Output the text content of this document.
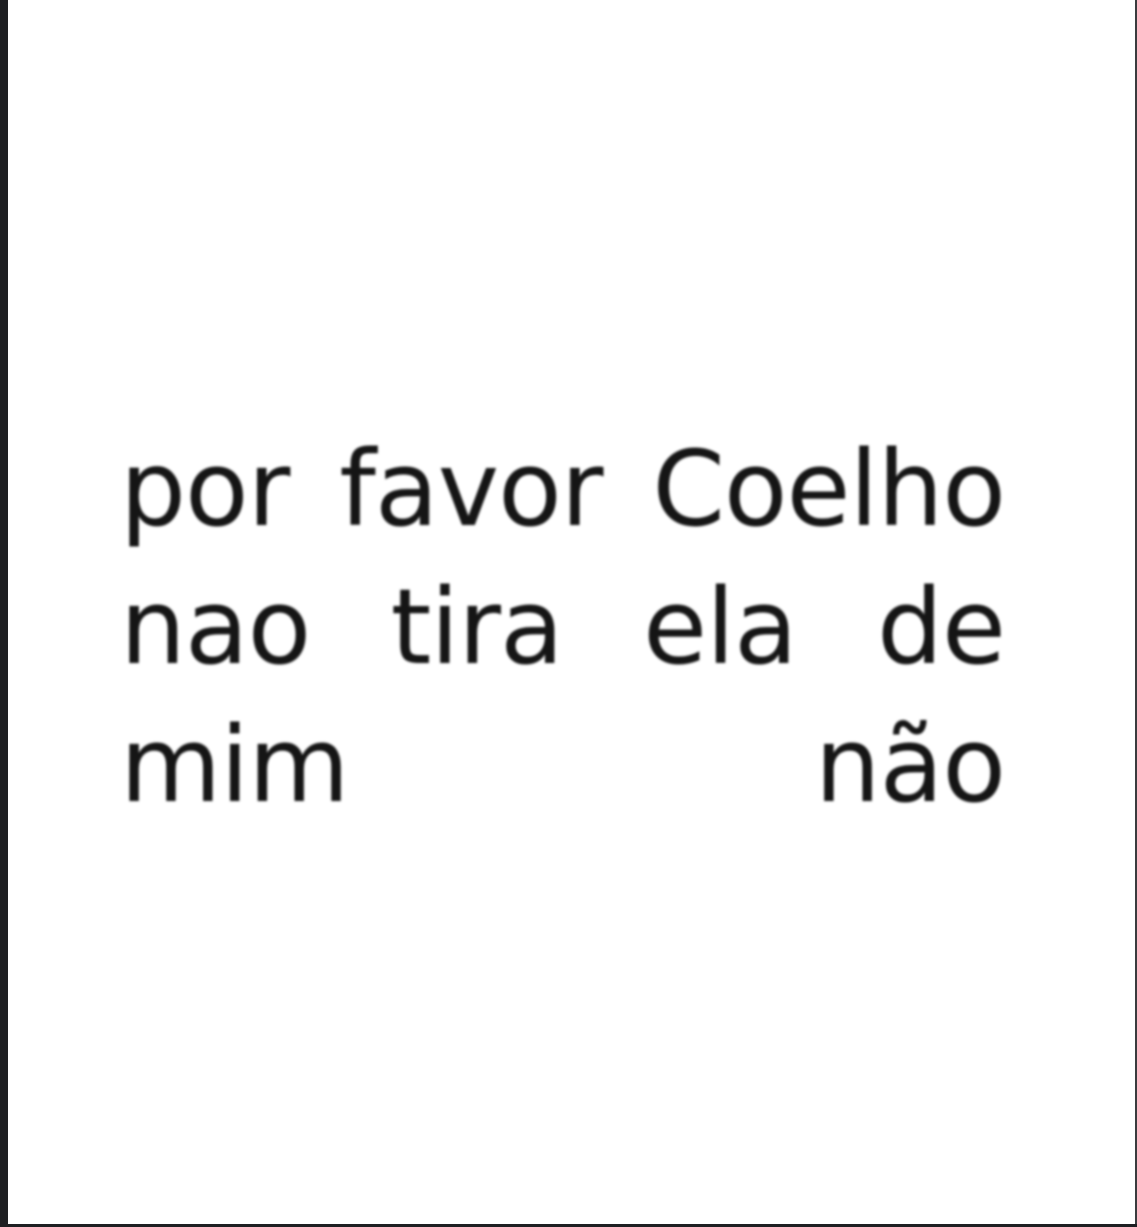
por favor Coelho
nao tira ela de
mim	não
